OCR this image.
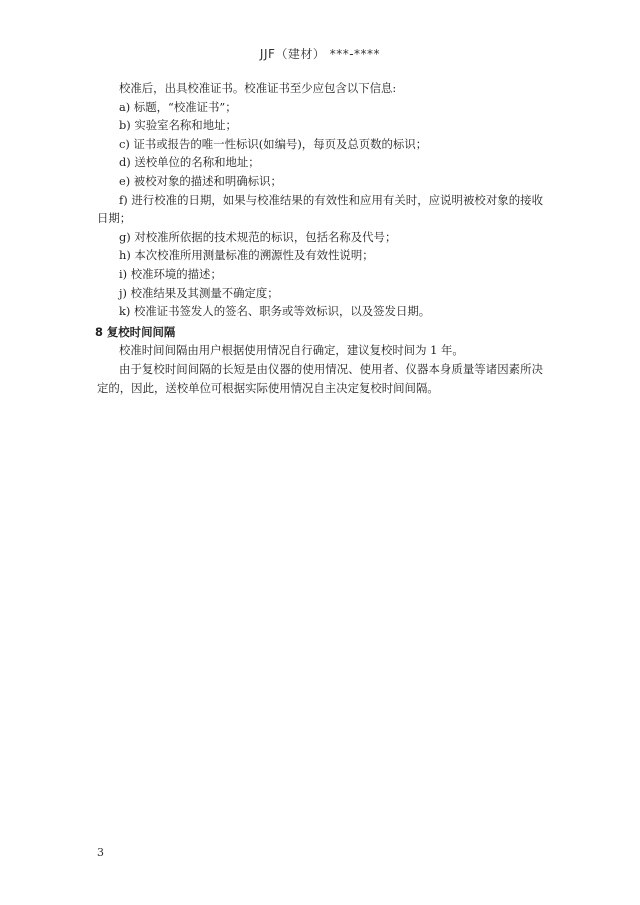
JJF（建材） ***-****

校准后，出具校准证书。校准证书至少应包含以下信息:

a) 标题，“校准证书”；

b) 实验室名称和地址；

c) 证书或报告的唯一性标识(如编号)，每页及总页数的标识；

d) 送校单位的名称和地址；

e) 被校对象的描述和明确标识；

f) 进行校准的日期，如果与校准结果的有效性和应用有关时，应说明被校对象的接收日期；

g) 对校准所依据的技术规范的标识，包括名称及代号；

h) 本次校准所用测量标准的溯源性及有效性说明；

i) 校准环境的描述；

j) 校准结果及其测量不确定度；

k) 校准证书签发人的签名、职务或等效标识，以及签发日期。

8 复校时间间隔

校准时间间隔由用户根据使用情况自行确定，建议复校时间为 1 年。

由于复校时间间隔的长短是由仪器的使用情况、使用者、仪器本身质量等诸因素所决定的，因此，送校单位可根据实际使用情况自主决定复校时间间隔。

3
